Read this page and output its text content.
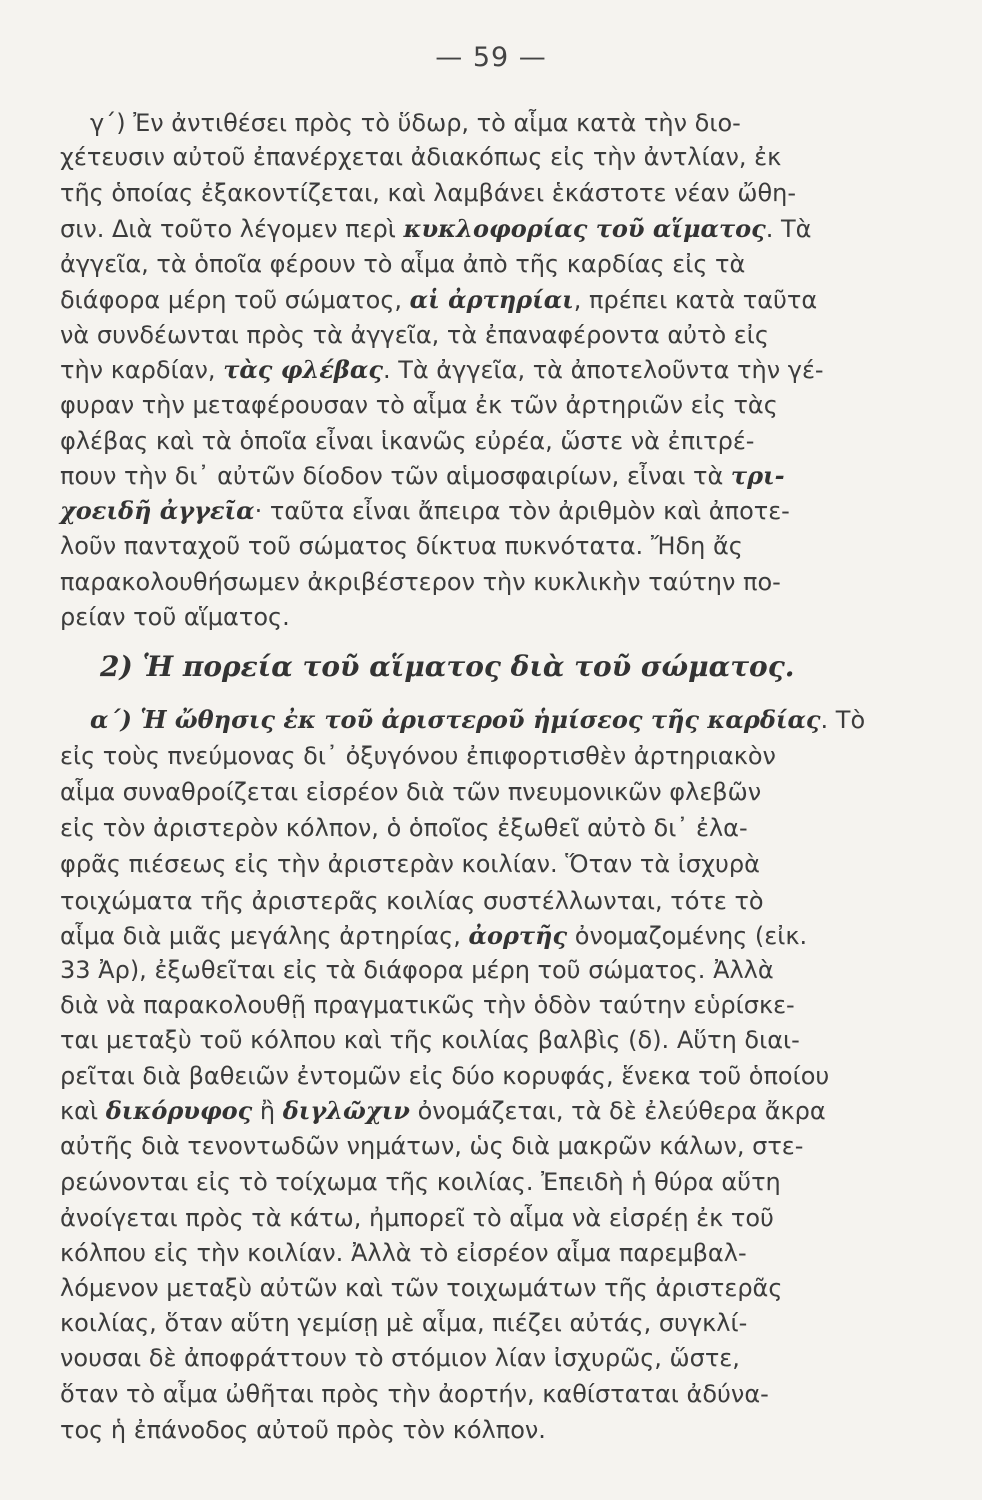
— 59 —
2) Ἡ πορεία τοῦ αἵματος διὰ τοῦ σώματος.
γ΄) Ἐν ἀντιθέσει πρὸς τὸ ὕδωρ, τὸ αἷμα κατὰ τὴν διο-
χέτευσιν αὐτοῦ ἐπανέρχεται ἀδιακόπως εἰς τὴν ἀντλίαν, ἐκ
τῆς ὁποίας ἐξακοντίζεται, καὶ λαμβάνει ἑκάστοτε νέαν ὤθη-
σιν. Διὰ τοῦτο λέγομεν περὶ κυκλοφορίας τοῦ αἵματος. Τὰ
ἀγγεῖα, τὰ ὁποῖα φέρουν τὸ αἷμα ἀπὸ τῆς καρδίας εἰς τὰ
διάφορα μέρη τοῦ σώματος, αἱ ἀρτηρίαι, πρέπει κατὰ ταῦτα
νὰ συνδέωνται πρὸς τὰ ἀγγεῖα, τὰ ἐπαναφέροντα αὐτὸ εἰς
τὴν καρδίαν, τὰς φλέβας. Τὰ ἀγγεῖα, τὰ ἀποτελοῦντα τὴν γέ-
φυραν τὴν μεταφέρουσαν τὸ αἷμα ἐκ τῶν ἀρτηριῶν εἰς τὰς
φλέβας καὶ τὰ ὁποῖα εἶναι ἱκανῶς εὐρέα, ὥστε νὰ ἐπιτρέ-
πουν τὴν δι᾽ αὐτῶν δίοδον τῶν αἱμοσφαιρίων, εἶναι τὰ τρι-
χοειδῆ ἀγγεῖα· ταῦτα εἶναι ἄπειρα τὸν ἀριθμὸν καὶ ἀποτε-
λοῦν πανταχοῦ τοῦ σώματος δίκτυα πυκνότατα. Ἤδη ἄς
παρακολουθήσωμεν ἀκριβέστερον τὴν κυκλικὴν ταύτην πο-
ρείαν τοῦ αἵματος.
α΄) Ἡ ὤθησις ἐκ τοῦ ἀριστεροῦ ἡμίσεος τῆς καρδίας. Τὸ
εἰς τοὺς πνεύμονας δι᾽ ὀξυγόνου ἐπιφορτισθὲν ἀρτηριακὸν
αἷμα συναθροίζεται εἰσρέον διὰ τῶν πνευμονικῶν φλεβῶν
εἰς τὸν ἀριστερὸν κόλπον, ὁ ὁποῖος ἐξωθεῖ αὐτὸ δι᾽ ἐλα-
φρᾶς πιέσεως εἰς τὴν ἀριστερὰν κοιλίαν. Ὅταν τὰ ἰσχυρὰ
τοιχώματα τῆς ἀριστερᾶς κοιλίας συστέλλωνται, τότε τὸ
αἷμα διὰ μιᾶς μεγάλης ἀρτηρίας, ἀορτῆς ὀνομαζομένης (εἰκ.
33 Ἀρ), ἐξωθεῖται εἰς τὰ διάφορα μέρη τοῦ σώματος. Ἀλλὰ
διὰ νὰ παρακολουθῇ πραγματικῶς τὴν ὁδὸν ταύτην εὑρίσκε-
ται μεταξὺ τοῦ κόλπου καὶ τῆς κοιλίας βαλβὶς (δ). Αὕτη διαι-
ρεῖται διὰ βαθειῶν ἐντομῶν εἰς δύο κορυφάς, ἕνεκα τοῦ ὁποίου
καὶ δικόρυφος ἢ διγλῶχιν ὀνομάζεται, τὰ δὲ ἐλεύθερα ἄκρα
αὐτῆς διὰ τενοντωδῶν νημάτων, ὡς διὰ μακρῶν κάλων, στε-
ρεώνονται εἰς τὸ τοίχωμα τῆς κοιλίας. Ἐπειδὴ ἡ θύρα αὕτη
ἀνοίγεται πρὸς τὰ κάτω, ἠμπορεῖ τὸ αἷμα νὰ εἰσρέῃ ἐκ τοῦ
κόλπου εἰς τὴν κοιλίαν. Ἀλλὰ τὸ εἰσρέον αἷμα παρεμβαλ-
λόμενον μεταξὺ αὐτῶν καὶ τῶν τοιχωμάτων τῆς ἀριστερᾶς
κοιλίας, ὅταν αὕτη γεμίσῃ μὲ αἷμα, πιέζει αὐτάς, συγκλί-
νουσαι δὲ ἀποφράττουν τὸ στόμιον λίαν ἰσχυρῶς, ὥστε,
ὅταν τὸ αἷμα ὠθῆται πρὸς τὴν ἀορτήν, καθίσταται ἀδύνα-
τος ἡ ἐπάνοδος αὐτοῦ πρὸς τὸν κόλπον.
